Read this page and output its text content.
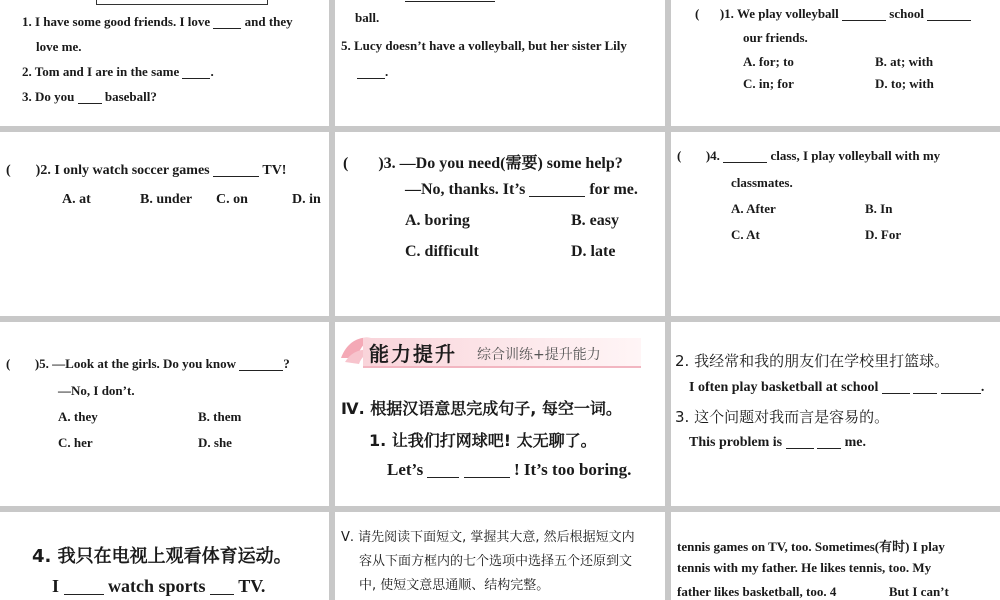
1. I have some good friends. I love	and they
love me.
2. Tom and I are in the same .
3. Do you baseball?
ball.
5. Lucy doesn’t have a volleyball, but her sister Lily
.
( )1. We play volleyball	school
our friends.
A. for; to	B. at; with
C. in; for	D. to; with
( )2. I only watch soccer games	TV!
A. at	B. under C. on	D. in
( )3. —Do you need(需要) some help?
—No, thanks. It’s	for me.
A. boring	B. easy
C. difficult	D. late
( )4.	class, I play volleyball with my
classmates.
A. After	B. In
C. At	D. For
( )5. —Look at the girls. Do you know	?
—No, I don’t.
A. they	B. them
C. her	D. she
能力提升 综合训练+提升能力
Ⅳ. 根据汉语意思完成句子, 每空一词。
1. 让我们打网球吧! 太无聊了。
Let’s	! It’s too boring.
2. 我经常和我的朋友们在学校里打篮球。
I often play basketball at school	.
3. 这个问题对我而言是容易的。
This problem is	me.
4. 我只在电视上观看体育运动。
I	watch sports TV.
Ⅴ. 请先阅读下面短文, 掌握其大意, 然后根据短文内
容从下面方框内的七个选项中选择五个还原到文
中, 使短文意思通顺、结构完整。
tennis games on TV, too. Sometimes(有时) I play
tennis with my father. He likes tennis, too. My
father likes basketball, too. 4	But I can’t
